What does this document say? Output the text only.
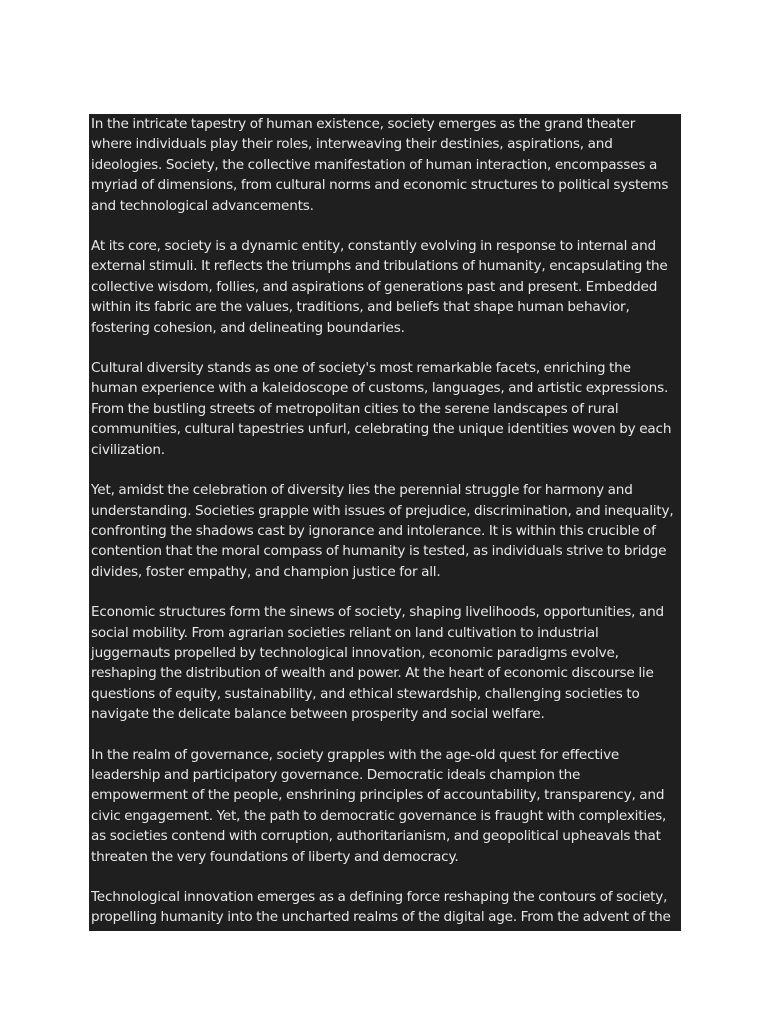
In the intricate tapestry of human existence, society emerges as the grand theater where individuals play their roles, interweaving their destinies, aspirations, and ideologies. Society, the collective manifestation of human interaction, encompasses a myriad of dimensions, from cultural norms and economic structures to political systems and technological advancements.

At its core, society is a dynamic entity, constantly evolving in response to internal and external stimuli. It reflects the triumphs and tribulations of humanity, encapsulating the collective wisdom, follies, and aspirations of generations past and present. Embedded within its fabric are the values, traditions, and beliefs that shape human behavior, fostering cohesion, and delineating boundaries.

Cultural diversity stands as one of society's most remarkable facets, enriching the human experience with a kaleidoscope of customs, languages, and artistic expressions. From the bustling streets of metropolitan cities to the serene landscapes of rural communities, cultural tapestries unfurl, celebrating the unique identities woven by each civilization.

Yet, amidst the celebration of diversity lies the perennial struggle for harmony and understanding. Societies grapple with issues of prejudice, discrimination, and inequality, confronting the shadows cast by ignorance and intolerance. It is within this crucible of contention that the moral compass of humanity is tested, as individuals strive to bridge divides, foster empathy, and champion justice for all.

Economic structures form the sinews of society, shaping livelihoods, opportunities, and social mobility. From agrarian societies reliant on land cultivation to industrial juggernauts propelled by technological innovation, economic paradigms evolve, reshaping the distribution of wealth and power. At the heart of economic discourse lie questions of equity, sustainability, and ethical stewardship, challenging societies to navigate the delicate balance between prosperity and social welfare.

In the realm of governance, society grapples with the age-old quest for effective leadership and participatory governance. Democratic ideals champion the empowerment of the people, enshrining principles of accountability, transparency, and civic engagement. Yet, the path to democratic governance is fraught with complexities, as societies contend with corruption, authoritarianism, and geopolitical upheavals that threaten the very foundations of liberty and democracy.

Technological innovation emerges as a defining force reshaping the contours of society, propelling humanity into the uncharted realms of the digital age. From the advent of the
